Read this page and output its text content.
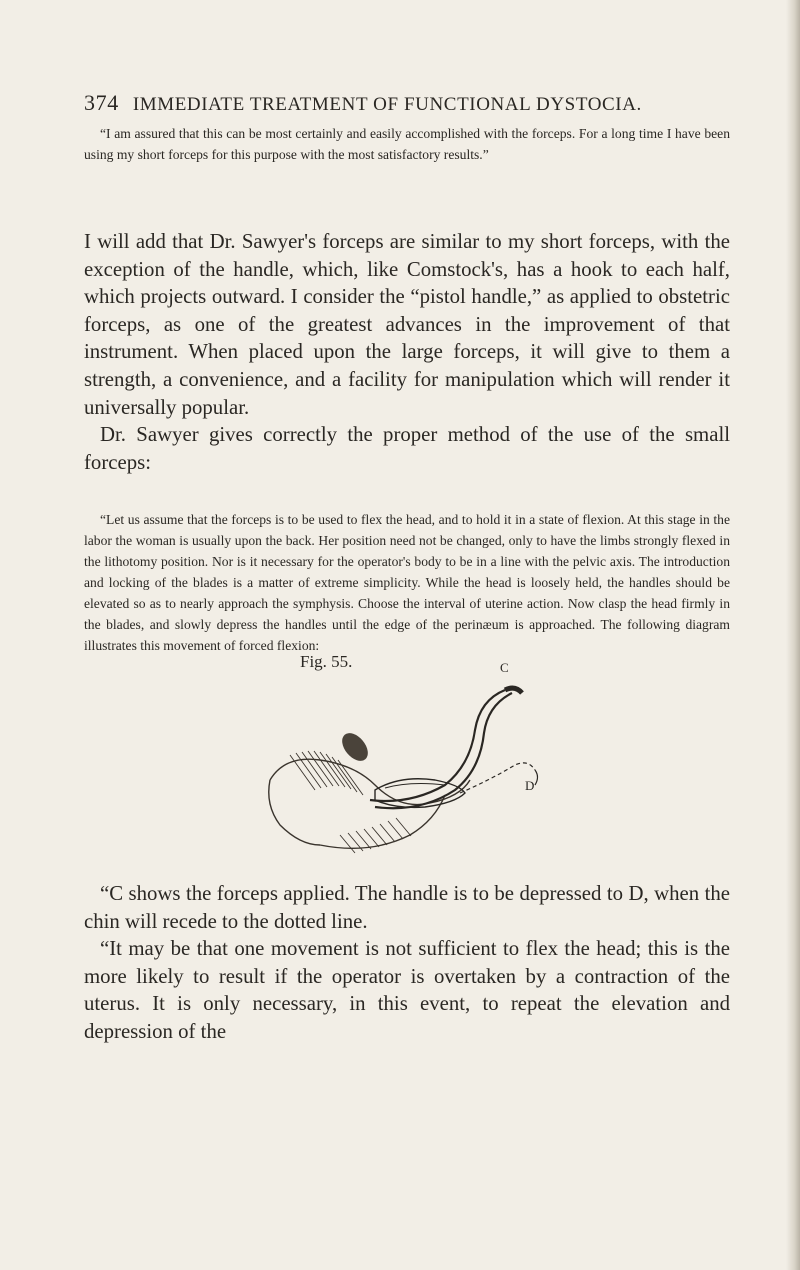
374 IMMEDIATE TREATMENT OF FUNCTIONAL DYSTOCIA.

“I am assured that this can be most certainly and easily accomplished with the forceps. For a long time I have been using my short forceps for this purpose with the most satisfactory results.”

I will add that Dr. Sawyer's forceps are similar to my short forceps, with the exception of the handle, which, like Comstock's, has a hook to each half, which projects outward. I consider the “pistol handle,” as applied to obstetric forceps, as one of the greatest advances in the improvement of that instrument. When placed upon the large forceps, it will give to them a strength, a convenience, and a facility for manipulation which will render it universally popular.

Dr. Sawyer gives correctly the proper method of the use of the small forceps:

“Let us assume that the forceps is to be used to flex the head, and to hold it in a state of flexion. At this stage in the labor the woman is usually upon the back. Her position need not be changed, only to have the limbs strongly flexed in the lithotomy position. Nor is it necessary for the operator's body to be in a line with the pelvic axis. The introduction and locking of the blades is a matter of extreme simplicity. While the head is loosely held, the handles should be elevated so as to nearly approach the symphysis. Choose the interval of uterine action. Now clasp the head firmly in the blades, and slowly depress the handles until the edge of the perinæum is approached. The following diagram illustrates this movement of forced flexion:

Fig. 55.	C
D

“C shows the forceps applied. The handle is to be depressed to D, when the chin will recede to the dotted line.

“It may be that one movement is not sufficient to flex the head; this is the more likely to result if the operator is overtaken by a contraction of the uterus. It is only necessary, in this event, to repeat the elevation and depression of the
